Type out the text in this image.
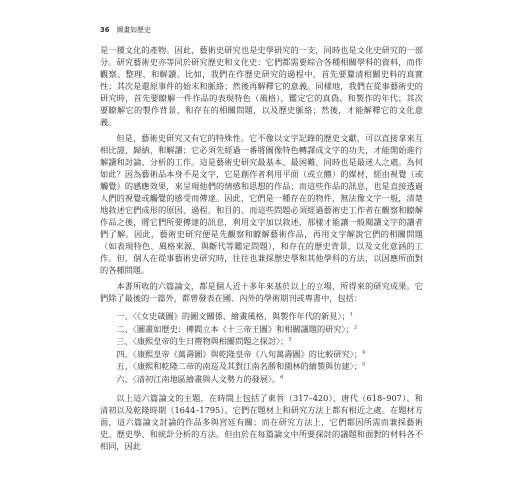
36 圖畫如歷史

是一種文化的產物。因此，藝術史研究也是史學研究的一支，同時也是文化史研究的一部分。研究藝術史亦等同於研究歷史和文化史：它們都需要綜合各種相關學科的資料，而作觀察、整理、和解讀。比如，我們在作歷史研究的過程中，首先要釐清相關史料的真實性；其次是還原事件的始末和脈絡；然後再解釋它的意義。同樣地，我們在從事藝術史的研究時，首先要瞭解一件作品的表現特色（風格），鑑定它的真偽、和製作的年代；其次要瞭解它的製作背景、和存在的相關問題，以及歷史脈絡；然後，才能解釋它的文化意義。

但是，藝術史研究又有它的特殊性。它不像以文字記錄的歷史文獻，可以直接拿來互相比證、歸納、和解讀；它必須先經過一番將圖像特色轉譯成文字的功夫，才能開始進行解讀和討論、分析的工作。這是藝術史研究最基本、最困難、同時也是最迷人之處。為何如此？因為藝術品本身不是文字，它是創作者利用平面（或立體）的媒材，經由視覺（或觸覺）的感應效果，來呈現他們的情感和思想的作品；而這些作品的訊息，也是直接透過人們的視覺或觸覺的感受而傳達。因此，它們是一種存在的物件，無法像文字一般，清楚地敘述它們成形的原因、過程、和目的。而這些問題必須經過藝術史工作者在觀察和瞭解作品之後，將它們所要傳達的訊息，利用文字加以敘述，那樣才能讓一般閱讀文字的讀者們了解。因此，藝術史研究便是先觀察和瞭解藝術作品，再用文字解說它們的相關問題（如表現特色、風格來源、與斷代等鑑定問題），和存在的歷史背景，以及文化意涵的工作。但，個人在從事藝術史研究時，往往也兼採歷史學和其他學科的方法，以因應所面對的各種問題。

本書所收的六篇論文，都是個人近十多年來基於以上的立場，所得來的研究成果。它們除了最後的一篇外，都曾發表在國、內外的學術期刊或專書中，包括：

一、〈《女史箴圖》的圖文關係、繪畫風格、與製作年代的新見〉；$^1$
二、〈圖畫如歷史：傳閻立本《十三帝王圖》和相關議題的研究〉；$^2$
三、〈康熙皇帝的生日禮物與相關問題之探討〉；$^3$
四、〈康熙皇帝《萬壽圖》與乾隆皇帝《八旬萬壽圖》的比較研究〉；$^4$
五、〈康熙和乾隆二帝的南巡及其對江南名勝和園林的繪製與仿建〉；$^5$
六、〈清初江南地區繪畫與人文勢力的發展〉。$^6$

以上這六篇論文的主題，在時間上包括了東晉（317–420）、唐代（618–907）、和清初以及乾隆時期（1644–1795）。它們在題材上和研究方法上都有相近之處。在題材方面，這六篇論文討論的作品多與宮廷有關；而在研究方法上，它們都因所需而兼採藝術史、歷史學、和統計分析的方法。但由於在每篇論文中所要探討的議題和面對的材料各不相同，因此
